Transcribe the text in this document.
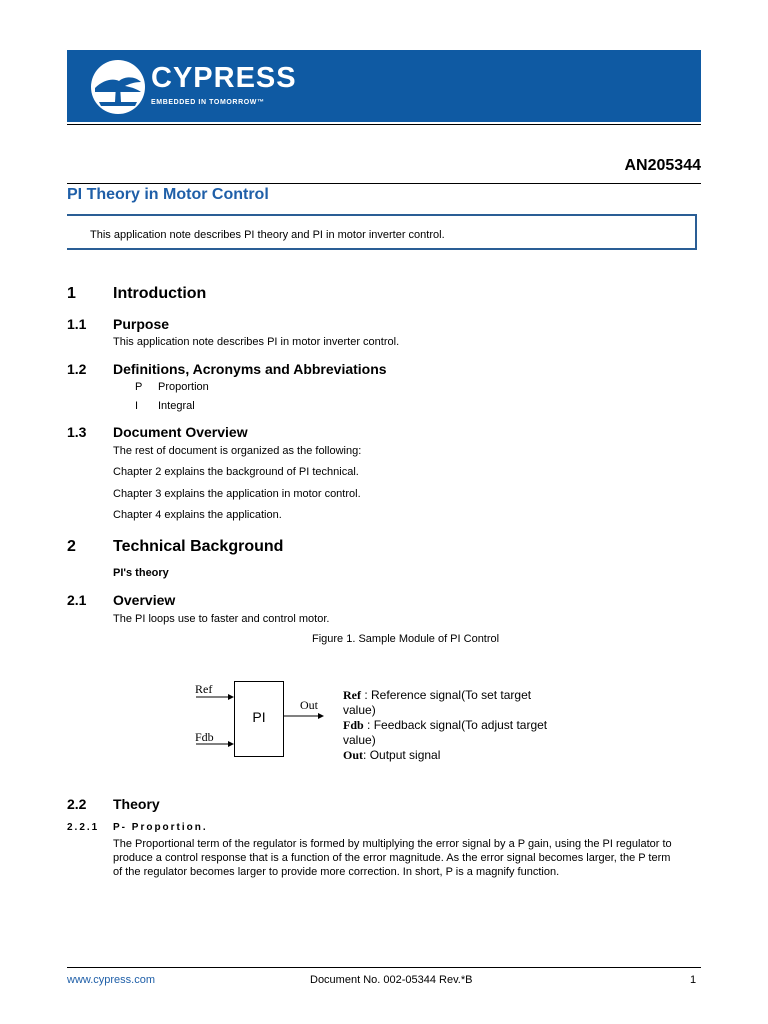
CYPRESS
EMBEDDED IN TOMORROW™
AN205344
PI Theory in Motor Control
This application note describes PI theory and PI in motor inverter control.
1 Introduction
1.1 Purpose
This application note describes PI in motor inverter control.
1.2 Definitions, Acronyms and Abbreviations
P Proportion
I Integral
1.3 Document Overview
The rest of document is organized as the following:
Chapter 2 explains the background of PI technical.
Chapter 3 explains the application in motor control.
Chapter 4 explains the application.
2 Technical Background
PI's theory
2.1 Overview
The PI loops use to faster and control motor.
Figure 1. Sample Module of PI Control
PI
Ref
Fdb
Out
Ref : Reference signal(To set target
value)
Fdb : Feedback signal(To adjust target
value)
Out: Output signal
2.2 Theory
2.2.1 P- Proportion.
The Proportional term of the regulator is formed by multiplying the error signal by a P gain, using the PI regulator to
produce a control response that is a function of the error magnitude. As the error signal becomes larger, the P term
of the regulator becomes larger to provide more correction. In short, P is a magnify function.
www.cypress.com	Document No. 002-05344 Rev.*B	1
